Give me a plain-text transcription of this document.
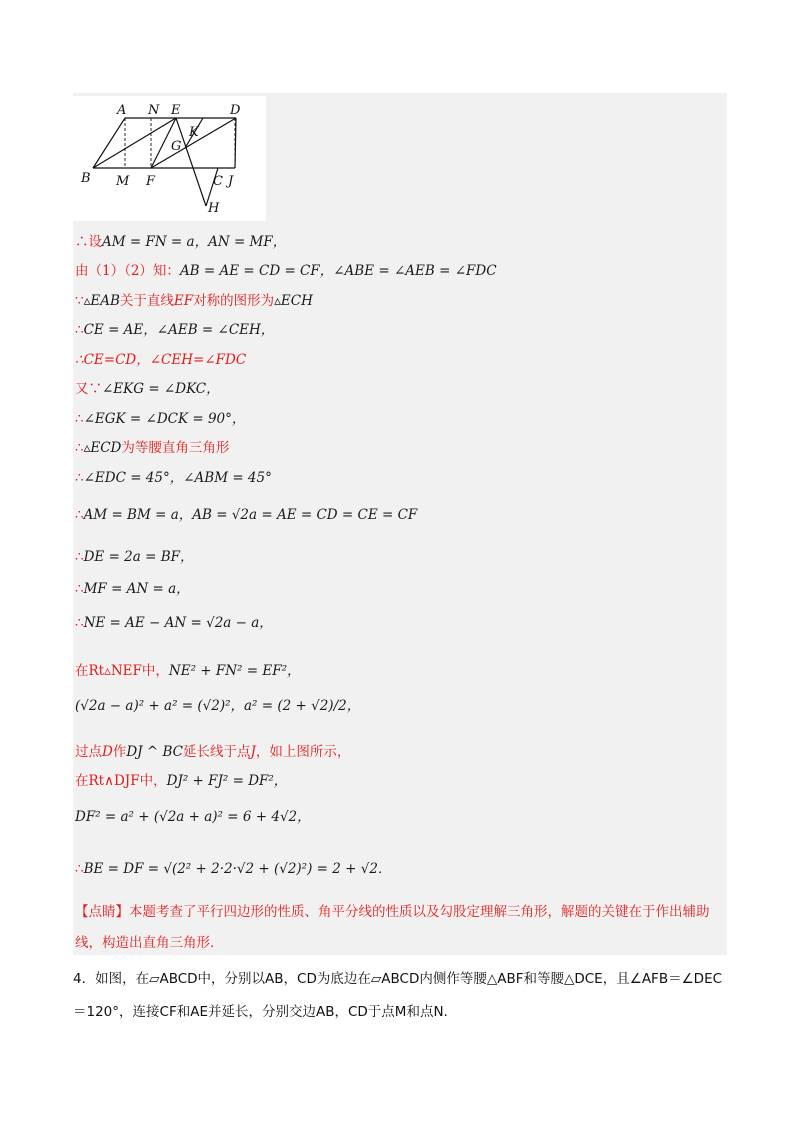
A N E	D
K
G
B M F	C J
H
∴设AM = FN = a，AN = MF，
由（1）（2）知：AB = AE = CD = CF，∠ABE = ∠AEB = ∠FDC
∵▵EAB关于直线EF对称的图形为▵ECH
∴CE = AE，∠AEB = ∠CEH，
∴CE=CD，∠CEH=∠FDC
又∵∠EKG = ∠DKC，
∴∠EGK = ∠DCK = 90°，
∴▵ECD为等腰直角三角形
∴∠EDC = 45°，∠ABM = 45°
∴AM = BM = a，AB = √2a = AE = CD = CE = CF
∴DE = 2a = BF，
∴MF = AN = a，
∴NE = AE − AN = √2a − a，
在Rt▵NEF中，NE² + FN² = EF²，
(√2a − a)² + a² = (√2)²，a² = (2 + √2)/2，
过点D作DJ ^ BC延长线于点J，如上图所示，
在Rt∧DJF中，DJ² + FJ² = DF²，
DF² = a² + (√2a + a)² = 6 + 4√2，
∴BE = DF = √(2² + 2·2·√2 + (√2)²) = 2 + √2．
【点睛】本题考查了平行四边形的性质、角平分线的性质以及勾股定理解三角形，解题的关键在于作出辅助线，构造出直角三角形.
4．如图，在▱ABCD中，分别以AB，CD为底边在▱ABCD内侧作等腰△ABF和等腰△DCE，且∠AFB＝∠DEC＝120°，连接CF和AE并延长，分别交边AB，CD于点M和点N.
